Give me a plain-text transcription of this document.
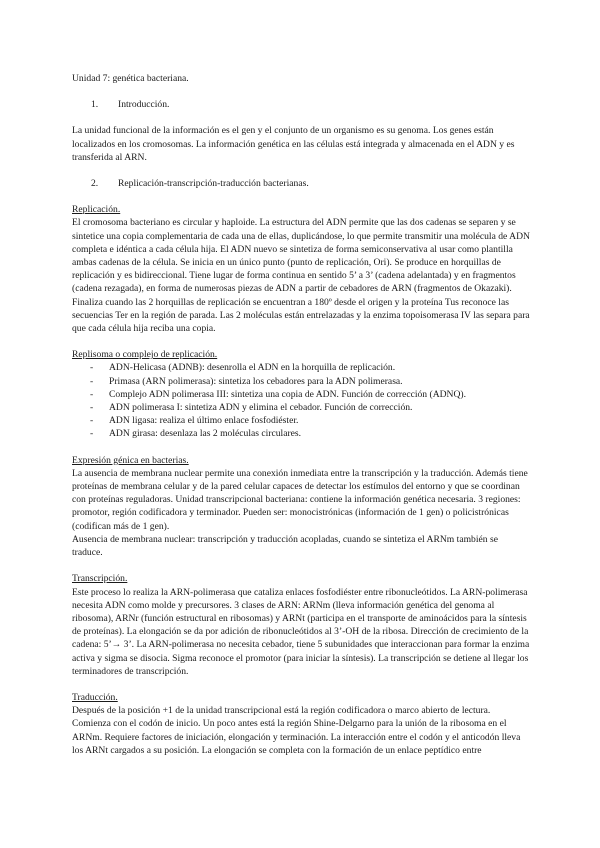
Unidad 7: genética bacteriana.

1.	Introducción.

La unidad funcional de la información es el gen y el conjunto de un organismo es su genoma. Los genes están localizados en los cromosomas. La información genética en las células está integrada y almacenada en el ADN y es transferida al ARN.

2.	Replicación-transcripción-traducción bacterianas.

Replicación.

El cromosoma bacteriano es circular y haploide. La estructura del ADN permite que las dos cadenas se separen y se sintetice una copia complementaria de cada una de ellas, duplicándose, lo que permite transmitir una molécula de ADN completa e idéntica a cada célula hija. El ADN nuevo se sintetiza de forma semiconservativa al usar como plantilla ambas cadenas de la célula. Se inicia en un único punto (punto de replicación, Ori). Se produce en horquillas de replicación y es bidireccional. Tiene lugar de forma continua en sentido 5’ a 3’ (cadena adelantada) y en fragmentos (cadena rezagada), en forma de numerosas piezas de ADN a partir de cebadores de ARN (fragmentos de Okazaki). Finaliza cuando las 2 horquillas de replicación se encuentran a 180º desde el origen y la proteína Tus reconoce las secuencias Ter en la región de parada. Las 2 moléculas están entrelazadas y la enzima topoisomerasa IV las separa para que cada célula hija reciba una copia.

Replisoma o complejo de replicación.

-	ADN-Helicasa (ADNB): desenrolla el ADN en la horquilla de replicación.
-	Primasa (ARN polimerasa): sintetiza los cebadores para la ADN polimerasa.
-	Complejo ADN polimerasa III: sintetiza una copia de ADN. Función de corrección (ADNQ).
-	ADN polimerasa I: sintetiza ADN y elimina el cebador. Función de corrección.
-	ADN ligasa: realiza el último enlace fosfodiéster.
-	ADN girasa: desenlaza las 2 moléculas circulares.

Expresión génica en bacterias.

La ausencia de membrana nuclear permite una conexión inmediata entre la transcripción y la traducción. Además tiene proteínas de membrana celular y de la pared celular capaces de detectar los estímulos del entorno y que se coordinan con proteínas reguladoras. Unidad transcripcional bacteriana: contiene la información genética necesaria. 3 regiones: promotor, región codificadora y terminador. Pueden ser: monocistrónicas (información de 1 gen) o policistrónicas (codifican más de 1 gen).

Ausencia de membrana nuclear: transcripción y traducción acopladas, cuando se sintetiza el ARNm también se traduce.

Transcripción.

Este proceso lo realiza la ARN-polimerasa que cataliza enlaces fosfodiéster entre ribonucleótidos. La ARN-polimerasa necesita ADN como molde y precursores. 3 clases de ARN: ARNm (lleva información genética del genoma al ribosoma), ARNr (función estructural en ribosomas) y ARNt (participa en el transporte de aminoácidos para la síntesis de proteínas). La elongación se da por adición de ribonucleótidos al 3’-OH de la ribosa. Dirección de crecimiento de la cadena: 5’→ 3’. La ARN-polimerasa no necesita cebador, tiene 5 subunidades que interaccionan para formar la enzima activa y sigma se disocia. Sigma reconoce el promotor (para iniciar la síntesis). La transcripción se detiene al llegar los terminadores de transcripción.

Traducción.

Después de la posición +1 de la unidad transcripcional está la región codificadora o marco abierto de lectura. Comienza con el codón de inicio. Un poco antes está la región Shine-Delgarno para la unión de la ribosoma en el ARNm. Requiere factores de iniciación, elongación y terminación. La interacción entre el codón y el anticodón lleva los ARNt cargados a su posición. La elongación se completa con la formación de un enlace peptídico entre
